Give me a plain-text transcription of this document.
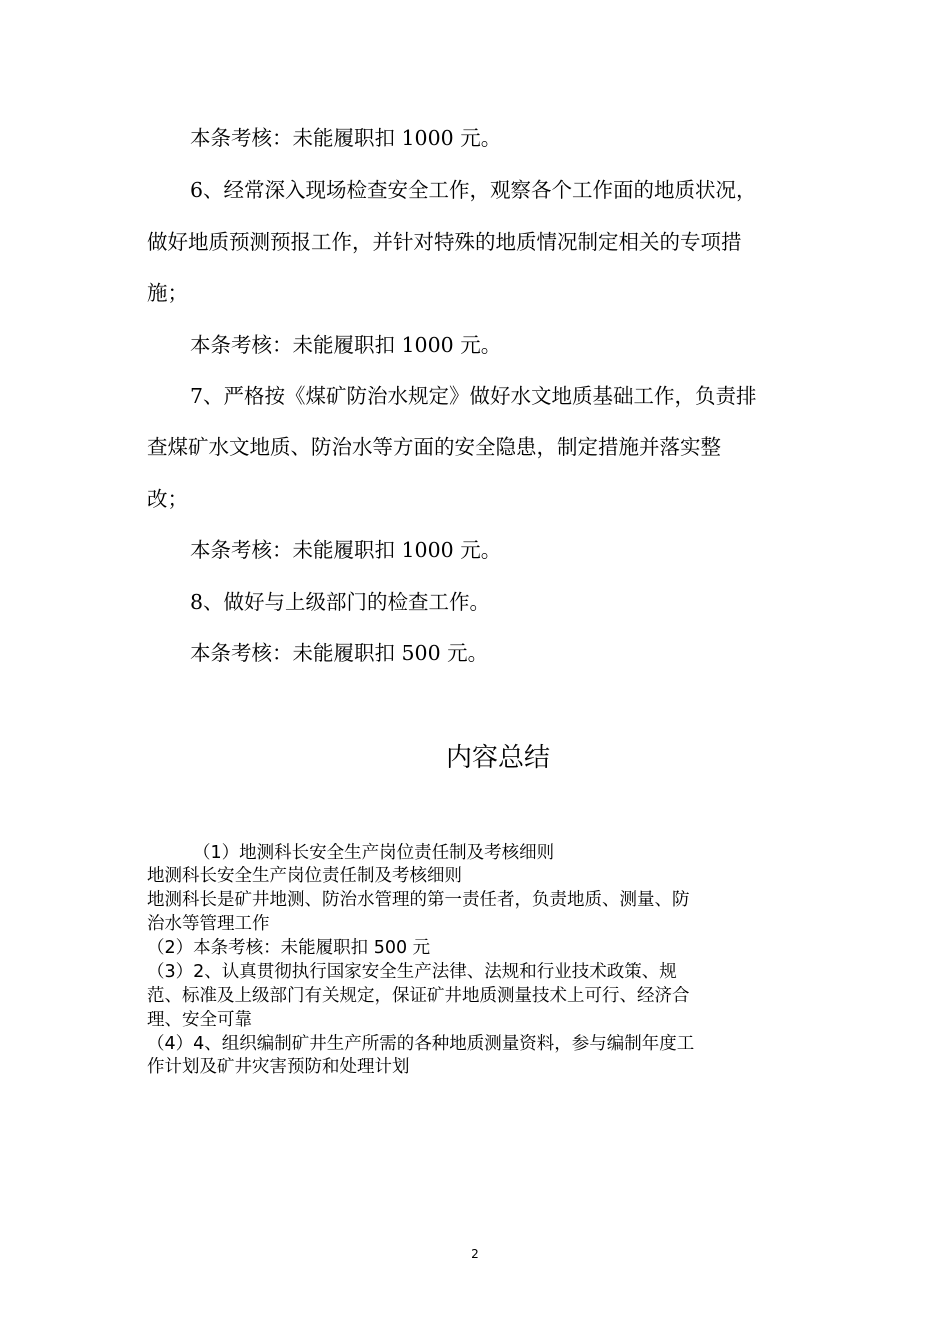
本条考核：未能履职扣 1000 元。

6、经常深入现场检查安全工作，观察各个工作面的地质状况，

做好地质预测预报工作，并针对特殊的地质情况制定相关的专项措

施；

本条考核：未能履职扣 1000 元。

7、严格按《煤矿防治水规定》做好水文地质基础工作，负责排

查煤矿水文地质、防治水等方面的安全隐患，制定措施并落实整

改；

本条考核：未能履职扣 1000 元。

8、做好与上级部门的检查工作。

本条考核：未能履职扣 500 元。

内容总结

（1）地测科长安全生产岗位责任制及考核细则

地测科长安全生产岗位责任制及考核细则

地测科长是矿井地测、防治水管理的第一责任者，负责地质、测量、防

治水等管理工作

（2）本条考核：未能履职扣 500 元

（3）2、认真贯彻执行国家安全生产法律、法规和行业技术政策、规

范、标准及上级部门有关规定，保证矿井地质测量技术上可行、经济合

理、安全可靠

（4）4、组织编制矿井生产所需的各种地质测量资料，参与编制年度工

作计划及矿井灾害预防和处理计划

2
